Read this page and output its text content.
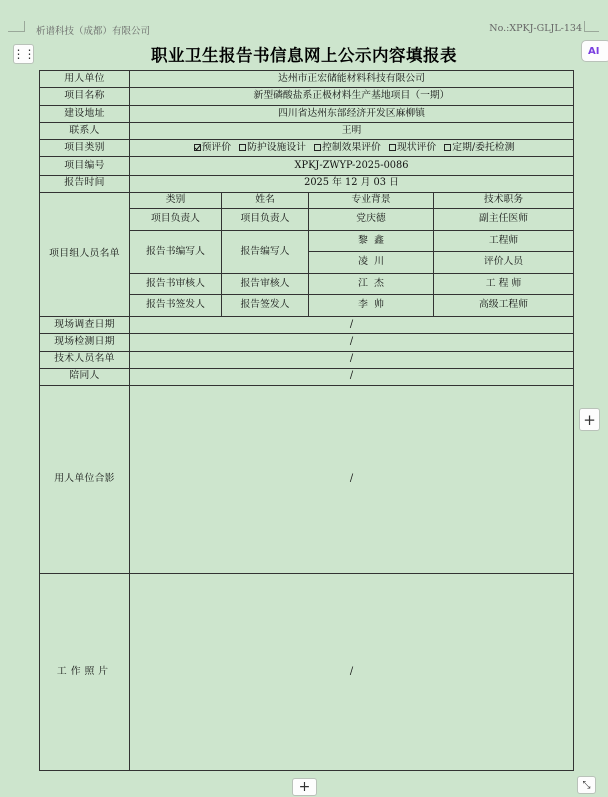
析谱科技（成都）有限公司	No.:XPKJ-GLJL-134
职业卫生报告书信息网上公示内容填报表
⋮⋮	AI
+
+	⤡
用人单位	达州市正宏储能材料科技有限公司			
项目名称	新型磷酸盐系正极材料生产基地项目（一期）			
建设地址	四川省达州东部经济开发区麻柳镇			
联系人	王明			
项目类别	预评价 防护设施设计 控制效果评价 现状评价 定期/委托检测			
项目编号	XPKJ-ZWYP-2025-0086			
报告时间	2025 年 12 月 03 日			
项目组人员名单	类别	姓名	专业背景	技术职务
	项目负责人	项目负责人	党庆德	副主任医师
	报告书编写人	报告编写人	黎  鑫	工程师
			凌  川	评价人员
	报告书审核人	报告审核人	江  杰	工 程 师
	报告书签发人	报告签发人	李  帅	高级工程师
现场调查日期	/			
现场检测日期	/			
技术人员名单	/			
陪同人	/			
用人单位合影	/			
工作照片	/			
